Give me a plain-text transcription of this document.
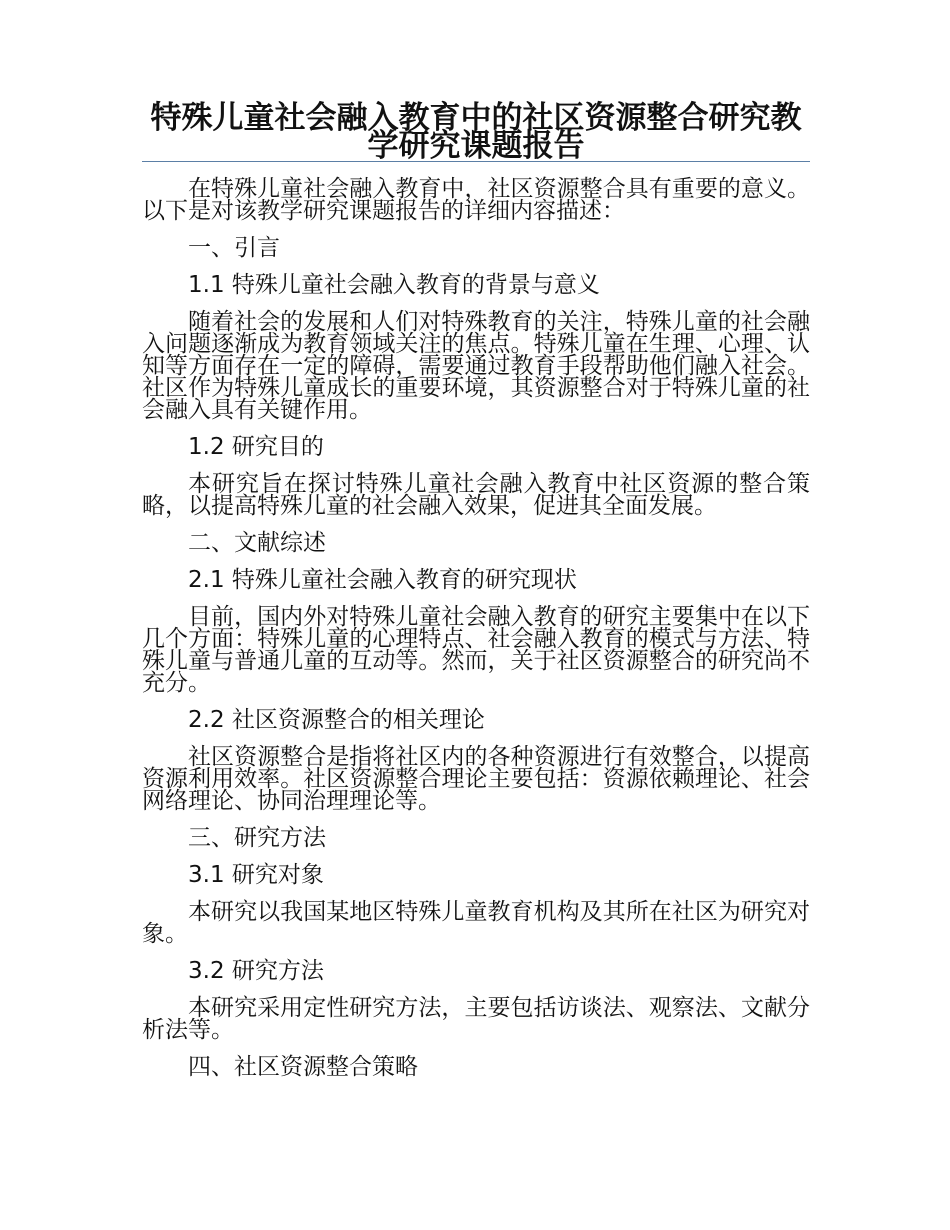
特殊儿童社会融入教育中的社区资源整合研究教学研究课题报告

在特殊儿童社会融入教育中，社区资源整合具有重要的意义。以下是对该教学研究课题报告的详细内容描述：

一、引言

1.1 特殊儿童社会融入教育的背景与意义

随着社会的发展和人们对特殊教育的关注，特殊儿童的社会融入问题逐渐成为教育领域关注的焦点。特殊儿童在生理、心理、认知等方面存在一定的障碍，需要通过教育手段帮助他们融入社会。社区作为特殊儿童成长的重要环境，其资源整合对于特殊儿童的社会融入具有关键作用。

1.2 研究目的

本研究旨在探讨特殊儿童社会融入教育中社区资源的整合策略，以提高特殊儿童的社会融入效果，促进其全面发展。

二、文献综述

2.1 特殊儿童社会融入教育的研究现状

目前，国内外对特殊儿童社会融入教育的研究主要集中在以下几个方面：特殊儿童的心理特点、社会融入教育的模式与方法、特殊儿童与普通儿童的互动等。然而，关于社区资源整合的研究尚不充分。

2.2 社区资源整合的相关理论

社区资源整合是指将社区内的各种资源进行有效整合，以提高资源利用效率。社区资源整合理论主要包括：资源依赖理论、社会网络理论、协同治理理论等。

三、研究方法

3.1 研究对象

本研究以我国某地区特殊儿童教育机构及其所在社区为研究对象。

3.2 研究方法

本研究采用定性研究方法，主要包括访谈法、观察法、文献分析法等。

四、社区资源整合策略
